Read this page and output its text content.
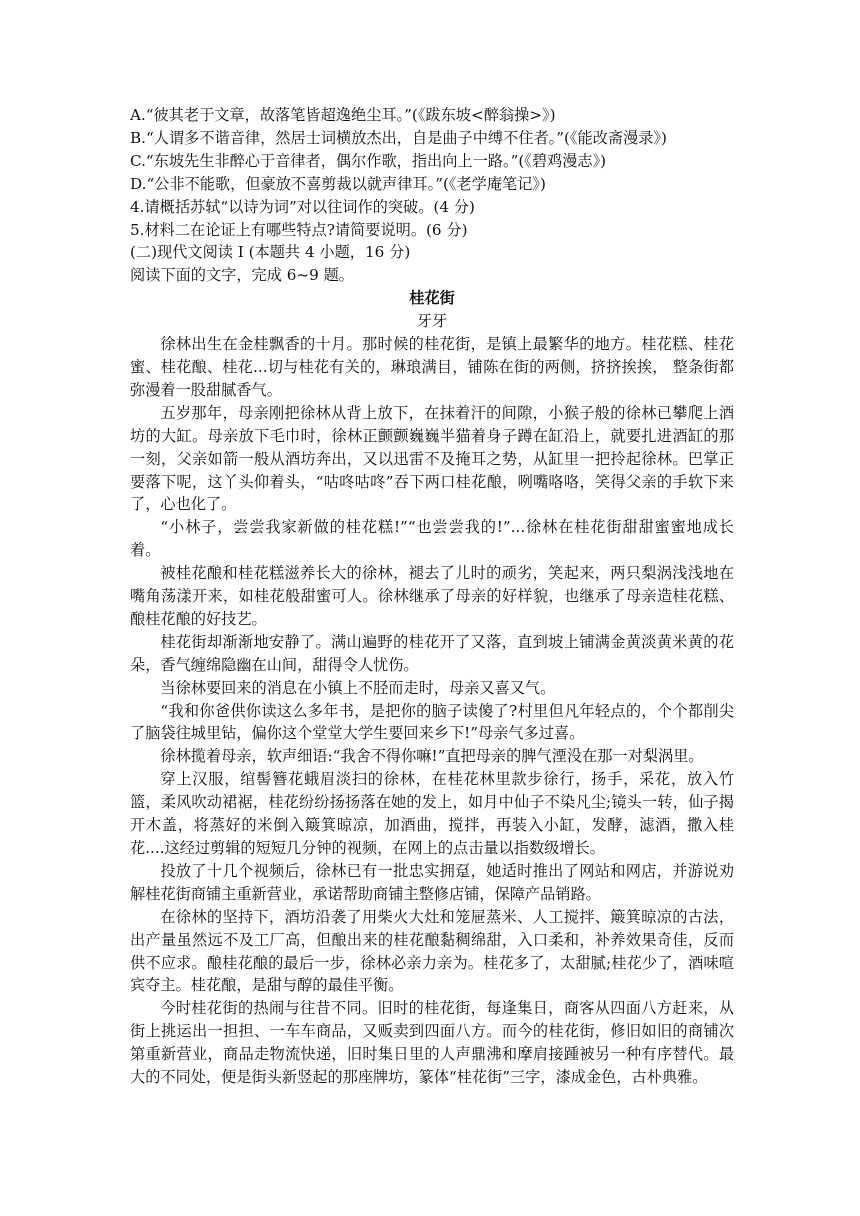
A.“彼其老于文章，故落笔皆超逸绝尘耳。”(《跋东坡<醉翁操>》)
B.“人谓多不谐音律，然居士词横放杰出，自是曲子中缚不住者。”(《能改斋漫录》)
C.“东坡先生非醉心于音律者，偶尔作歌，指出向上一路。”(《碧鸡漫志》)
D.“公非不能歌，但豪放不喜剪裁以就声律耳。”(《老学庵笔记》)
4.请概括苏轼“以诗为词”对以往词作的突破。(4 分)
5.材料二在论证上有哪些特点?请简要说明。(6 分)
(二)现代文阅读 I (本题共 4 小题，16 分)
阅读下面的文字，完成 6~9 题。
桂花街
牙牙

徐林出生在金桂飘香的十月。那时候的桂花街，是镇上最繁华的地方。桂花糕、桂花蜜、桂花酿、桂花...切与桂花有关的，琳琅满目，铺陈在街的两侧，挤挤挨挨， 整条街都弥漫着一股甜腻香气。

五岁那年，母亲刚把徐林从背上放下，在抹着汗的间隙，小猴子般的徐林已攀爬上酒坊的大缸。母亲放下毛巾时，徐林正颤颤巍巍半猫着身子蹲在缸沿上，就要扎进酒缸的那一刻，父亲如箭一般从酒坊奔出，又以迅雷不及掩耳之势，从缸里一把拎起徐林。巴掌正要落下呢，这丫头仰着头，“咕咚咕咚”吞下两口桂花酿，咧嘴咯咯，笑得父亲的手软下来了，心也化了。

“小林子，尝尝我家新做的桂花糕!”“也尝尝我的!”...徐林在桂花街甜甜蜜蜜地成长着。

被桂花酿和桂花糕滋养长大的徐林，褪去了儿时的顽劣，笑起来，两只梨涡浅浅地在嘴角荡漾开来，如桂花般甜蜜可人。徐林继承了母亲的好样貌，也继承了母亲造桂花糕、酿桂花酿的好技艺。

桂花街却渐渐地安静了。满山遍野的桂花开了又落，直到坡上铺满金黄淡黄米黄的花朵，香气缠绵隐幽在山间，甜得令人忧伤。

当徐林要回来的消息在小镇上不胫而走时，母亲又喜又气。

“我和你爸供你读这么多年书，是把你的脑子读傻了?村里但凡年轻点的，个个都削尖了脑袋往城里钻，偏你这个堂堂大学生要回来乡下!”母亲气多过喜。

徐林揽着母亲，软声细语:“我舍不得你嘛!”直把母亲的脾气湮没在那一对梨涡里。

穿上汉服，绾髻簪花蛾眉淡扫的徐林，在桂花林里款步徐行，扬手，采花，放入竹篮，柔风吹动裙裾，桂花纷纷扬扬落在她的发上，如月中仙子不染凡尘;镜头一转，仙子揭开木盖，将蒸好的米倒入簸箕晾凉，加酒曲，搅拌，再装入小缸，发酵，滤酒，撒入桂花....这经过剪辑的短短几分钟的视频，在网上的点击量以指数级增长。

投放了十几个视频后，徐林已有一批忠实拥趸，她适时推出了网站和网店，并游说劝解桂花街商铺主重新营业，承诺帮助商铺主整修店铺，保障产品销路。

在徐林的坚持下，酒坊沿袭了用柴火大灶和笼屉蒸米、人工搅拌、簸箕晾凉的古法，出产量虽然远不及工厂高，但酿出来的桂花酿黏稠绵甜，入口柔和，补养效果奇佳，反而供不应求。酿桂花酿的最后一步，徐林必亲力亲为。桂花多了，太甜腻;桂花少了，酒味喧宾夺主。桂花酿，是甜与醇的最佳平衡。

今时桂花街的热闹与往昔不同。旧时的桂花街，每逢集日，商客从四面八方赶来，从街上挑运出一担担、一车车商品，又贩卖到四面八方。而今的桂花街，修旧如旧的商铺次第重新营业，商品走物流快递，旧时集日里的人声鼎沸和摩肩接踵被另一种有序替代。最大的不同处，便是街头新竖起的那座牌坊，篆体“桂花街”三字，漆成金色，古朴典雅。
